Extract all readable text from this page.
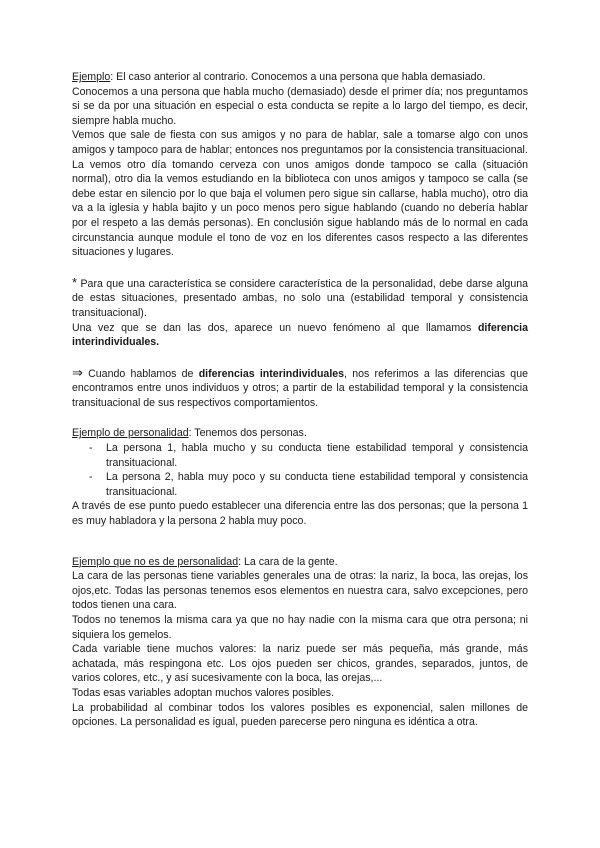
Ejemplo: El caso anterior al contrario. Conocemos a una persona que habla demasiado.

Conocemos a una persona que habla mucho (demasiado) desde el primer día; nos preguntamos si se da por una situación en especial o esta conducta se repite a lo largo del tiempo, es decir, siempre habla mucho.

Vemos que sale de fiesta con sus amigos y no para de hablar, sale a tomarse algo con unos amigos y tampoco para de hablar; entonces nos preguntamos por la consistencia transituacional.

La vemos otro día tomando cerveza con unos amigos donde tampoco se calla (situación normal), otro dia la vemos estudiando en la biblioteca con unos amigos y tampoco se calla (se debe estar en silencio por lo que baja el volumen pero sigue sin callarse, habla mucho), otro dia va a la iglesia y habla bajito y un poco menos pero sigue hablando (cuando no debería hablar por el respeto a las demás personas). En conclusión sigue hablando más de lo normal en cada circunstancia aunque module el tono de voz en los diferentes casos respecto a las diferentes situaciones y lugares.

* Para que una característica se considere característica de la personalidad, debe darse alguna de estas situaciones, presentado ambas, no solo una (estabilidad temporal y consistencia transituacional).

Una vez que se dan las dos, aparece un nuevo fenómeno al que llamamos diferencia interindividuales.

⇒ Cuando hablamos de diferencias interindividuales, nos referimos a las diferencias que encontramos entre unos individuos y otros; a partir de la estabilidad temporal y la consistencia transituacional de sus respectivos comportamientos.

Ejemplo de personalidad: Tenemos dos personas.

- La persona 1, habla mucho y su conducta tiene estabilidad temporal y consistencia transituacional.
- La persona 2, habla muy poco y su conducta tiene estabilidad temporal y consistencia transituacional.

A través de ese punto puedo establecer una diferencia entre las dos personas; que la persona 1 es muy habladora y la persona 2 habla muy poco.

Ejemplo que no es de personalidad: La cara de la gente.

La cara de las personas tiene variables generales una de otras: la nariz, la boca, las orejas, los ojos,etc. Todas las personas tenemos esos elementos en nuestra cara, salvo excepciones, pero todos tienen una cara.

Todos no tenemos la misma cara ya que no hay nadie con la misma cara que otra persona; ni siquiera los gemelos.

Cada variable tiene muchos valores: la nariz puede ser más pequeña, más grande, más achatada, más respingona etc. Los ojos pueden ser chicos, grandes, separados, juntos, de varios colores, etc., y así sucesivamente con la boca, las orejas,...

Todas esas variables adoptan muchos valores posibles.

La probabilidad al combinar todos los valores posibles es exponencial, salen millones de opciones. La personalidad es igual, pueden parecerse pero ninguna es idéntica a otra.
